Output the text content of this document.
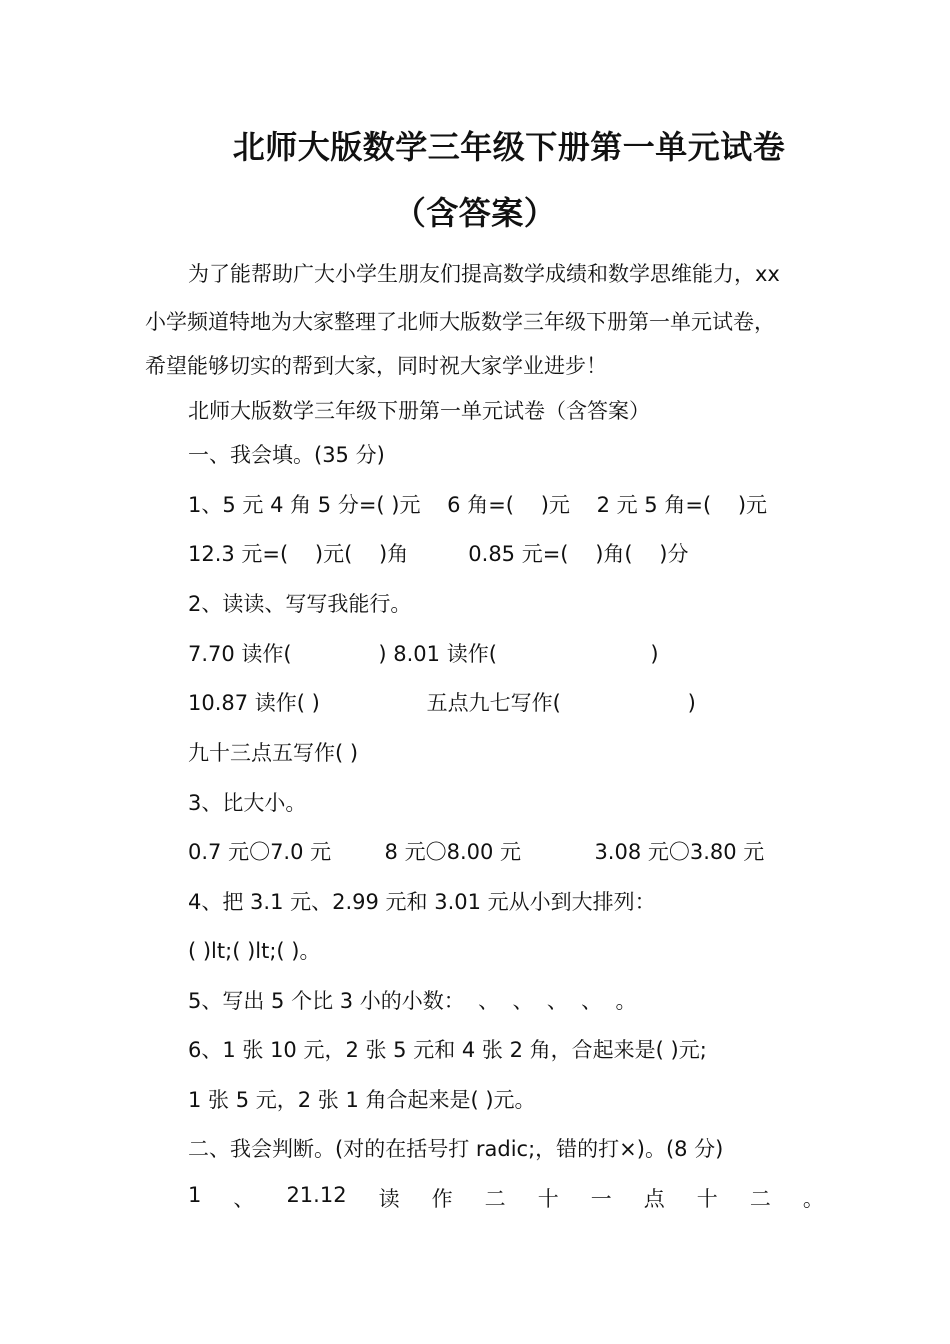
北师大版数学三年级下册第一单元试卷
（含答案）
为了能帮助广大小学生朋友们提高数学成绩和数学思维能力，xx
小学频道特地为大家整理了北师大版数学三年级下册第一单元试卷，
希望能够切实的帮到大家，同时祝大家学业进步！
北师大版数学三年级下册第一单元试卷（含答案）
一、我会填。(35 分)
1、5 元 4 角 5 分=( )元    6 角=(    )元    2 元 5 角=(    )元
12.3 元=(    )元(    )角         0.85 元=(    )角(    )分
2、读读、写写我能行。
7.70 读作(             ) 8.01 读作(                       )
10.87 读作( )                五点九七写作(                   )
九十三点五写作( )
3、比大小。
0.7 元〇7.0 元        8 元〇8.00 元           3.08 元〇3.80 元
4、把 3.1 元、2.99 元和 3.01 元从小到大排列：
( )lt;( )lt;( )。
5、写出 5 个比 3 小的小数：  、  、  、  、  。
6、1 张 10 元，2 张 5 元和 4 张 2 角，合起来是( )元;
1 张 5 元，2 张 1 角合起来是( )元。
二、我会判断。(对的在括号打 radic;，错的打×)。(8 分)
1 、 21.12 读 作 二 十 一 点 十 二 。
